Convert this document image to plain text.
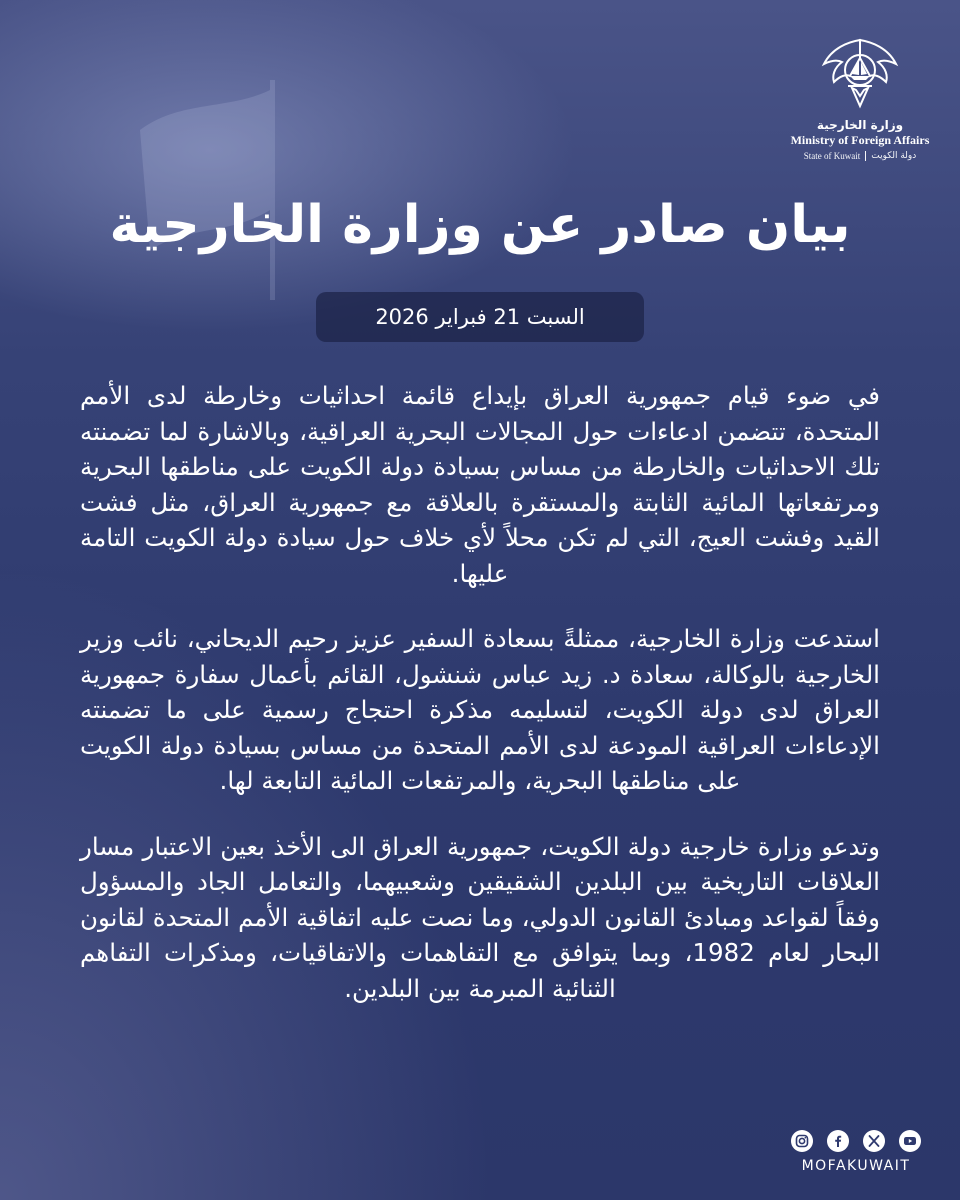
وزارة الخارجية
Ministry of Foreign Affairs
State of Kuwait دولة الكويت
بيان صادر عن وزارة الخارجية
السبت 21 فبراير 2026

في ضوء قيام جمهورية العراق بإيداع قائمة احداثيات وخارطة لدى الأمم المتحدة، تتضمن ادعاءات حول المجالات البحرية العراقية، وبالاشارة لما تضمنته تلك الاحداثيات والخارطة من مساس بسيادة دولة الكويت على مناطقها البحرية ومرتفعاتها المائية الثابتة والمستقرة بالعلاقة مع جمهورية العراق، مثل فشت القيد وفشت العيج، التي لم تكن محلاً لأي خلاف حول سيادة دولة الكويت التامة عليها.

استدعت وزارة الخارجية، ممثلةً بسعادة السفير عزيز رحيم الديحاني، نائب وزير الخارجية بالوكالة، سعادة د. زيد عباس شنشول، القائم بأعمال سفارة جمهورية العراق لدى دولة الكويت، لتسليمه مذكرة احتجاج رسمية على ما تضمنته الإدعاءات العراقية المودعة لدى الأمم المتحدة من مساس بسيادة دولة الكويت على مناطقها البحرية، والمرتفعات المائية التابعة لها.

وتدعو وزارة خارجية دولة الكويت، جمهورية العراق الى الأخذ بعين الاعتبار مسار العلاقات التاريخية بين البلدين الشقيقين وشعبيهما، والتعامل الجاد والمسؤول وفقاً لقواعد ومبادئ القانون الدولي، وما نصت عليه اتفاقية الأمم المتحدة لقانون البحار لعام 1982، وبما يتوافق مع التفاهمات والاتفاقيات، ومذكرات التفاهم الثنائية المبرمة بين البلدين.

MOFAKUWAIT
